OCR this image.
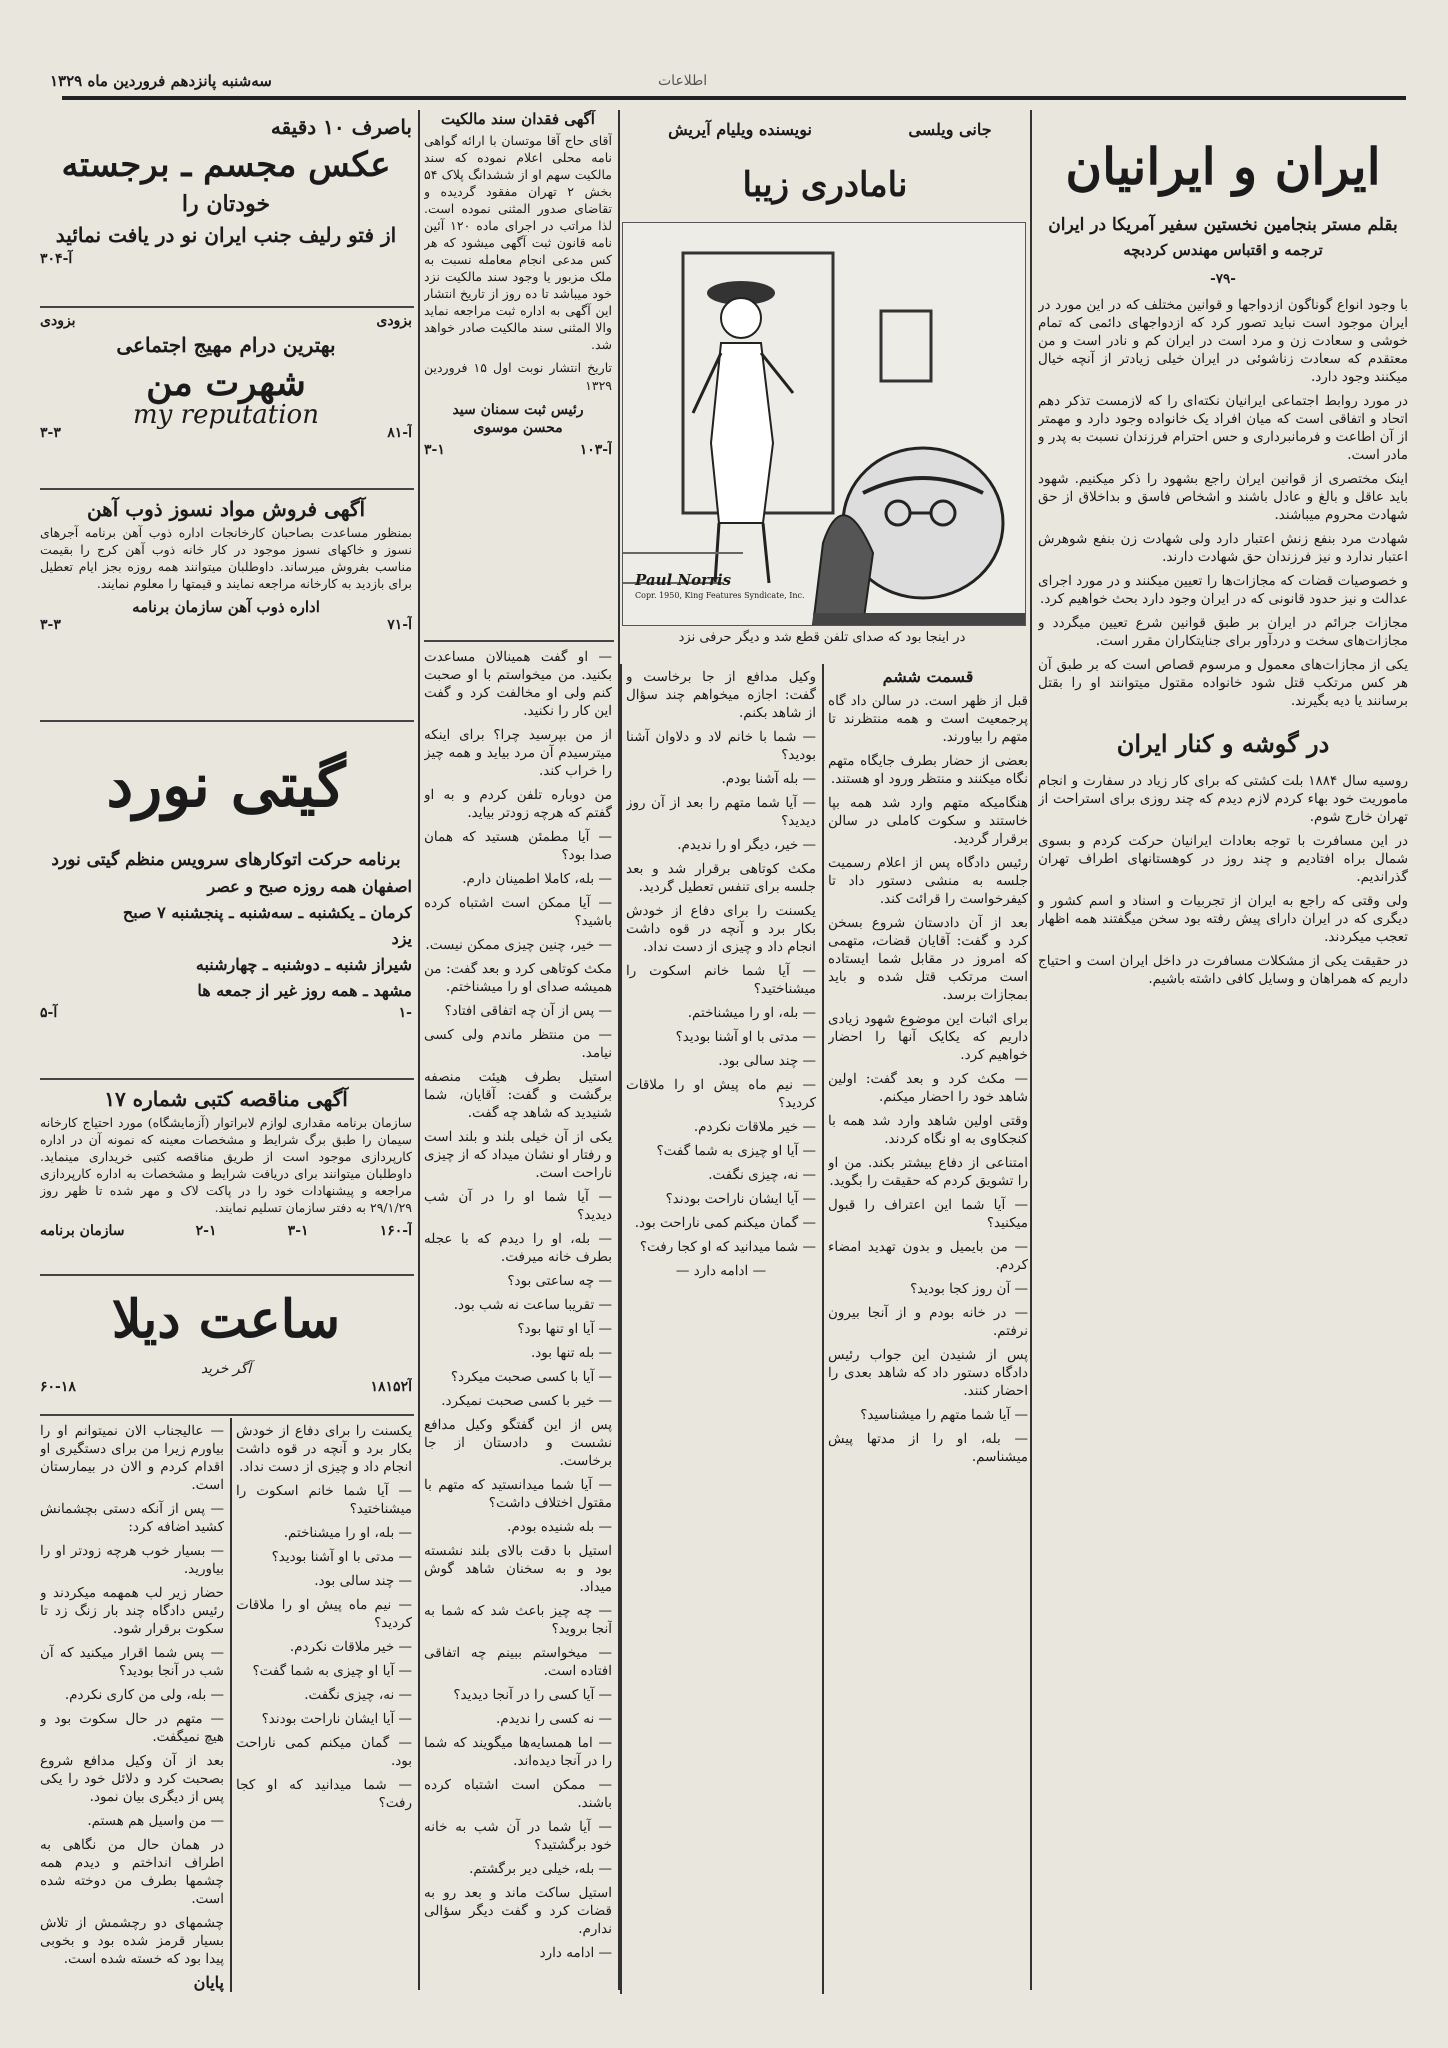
اطلاعات
سه‌شنبه پانزدهم فروردین ماه ۱۳۲۹
ایران و ایرانیان
بقلم مستر بنجامین نخستین سفیر آمریکا در ایران
ترجمه و اقتباس مهندس کردبچه
-۷۹-

با وجود انواع گوناگون ازدواجها و قوانین مختلف که در این مورد در ایران موجود است نباید تصور کرد که ازدواجهای دائمی که تمام خوشی و سعادت زن و مرد است در ایران کم و نادر است و من معتقدم که سعادت زناشوئی در ایران خیلی زیادتر از آنچه خیال میکنند وجود دارد.

در مورد روابط اجتماعی ایرانیان نکته‌ای را که لازمست تذکر دهم اتحاد و اتفاقی است که میان افراد یک خانواده وجود دارد و مهمتر از آن اطاعت و فرمانبرداری و حس احترام فرزندان نسبت به پدر و مادر است.

اینک مختصری از قوانین ایران راجع بشهود را ذکر میکنیم. شهود باید عاقل و بالغ و عادل باشند و اشخاص فاسق و بداخلاق از حق شهادت محروم میباشند.

شهادت مرد بنفع زنش اعتبار دارد ولی شهادت زن بنفع شوهرش اعتبار ندارد و نیز فرزندان حق شهادت دارند.

و خصوصیات قضات که مجازات‌ها را تعیین میکنند و در مورد اجرای عدالت و نیز حدود قانونی که در ایران وجود دارد بحث خواهیم کرد.

مجازات جرائم در ایران بر طبق قوانین شرع تعیین میگردد و مجازات‌های سخت و دردآور برای جنایتکاران مقرر است.

یکی از مجازات‌های معمول و مرسوم قصاص است که بر طبق آن هر کس مرتکب قتل شود خانواده مقتول میتوانند او را بقتل برسانند یا دیه بگیرند.

در گوشه و کنار ایران

روسیه سال ۱۸۸۴ بلت کشتی که برای کار زیاد در سفارت و انجام ماموریت خود بهاء کردم لازم دیدم که چند روزی برای استراحت از تهران خارج شوم.

در این مسافرت با توجه بعادات ایرانیان حرکت کردم و بسوی شمال براه افتادیم و چند روز در کوهستانهای اطراف تهران گذراندیم.

ولی وقتی که راجع به ایران از تجربیات و اسناد و اسم کشور و دیگری که در ایران دارای پیش رفته بود سخن میگفتند همه اظهار تعجب میکردند.

در حقیقت یکی از مشکلات مسافرت در داخل ایران است و احتیاج داریم که همراهان و وسایل کافی داشته باشیم.

جانی ویلسی
نویسنده ویلیام آیریش
نامادری زیبا
Paul Norris
Copr. 1950, King Features Syndicate, Inc.
در اینجا بود که صدای تلفن قطع شد و دیگر حرفی نزد
قسمت ششم

قبل از ظهر است. در سالن داد گاه پرجمعیت است و همه منتظرند تا متهم را بیاورند.

بعضی از حضار بطرف جایگاه متهم نگاه میکنند و منتظر ورود او هستند.

هنگامیکه متهم وارد شد همه بپا خاستند و سکوت کاملی در سالن برقرار گردید.

رئیس دادگاه پس از اعلام رسمیت جلسه به منشی دستور داد تا کیفرخواست را قرائت کند.

بعد از آن دادستان شروع بسخن کرد و گفت: آقایان قضات، متهمی که امروز در مقابل شما ایستاده است مرتکب قتل شده و باید بمجازات برسد.

برای اثبات این موضوع شهود زیادی داریم که یکایک آنها را احضار خواهیم کرد.

— مکث کرد و بعد گفت: اولین شاهد خود را احضار میکنم.

وقتی اولین شاهد وارد شد همه با کنجکاوی به او نگاه کردند.

امتناعی از دفاع بیشتر بکند. من او را تشویق کردم که حقیقت را بگوید.

— آیا شما این اعتراف را قبول میکنید؟

— من بایمیل و بدون تهدید امضاء کردم.

— آن روز کجا بودید؟

— در خانه بودم و از آنجا بیرون نرفتم.

پس از شنیدن این جواب رئیس دادگاه دستور داد که شاهد بعدی را احضار کنند.

— آیا شما متهم را میشناسید؟

— بله، او را از مدتها پیش میشناسم.

وکیل مدافع از جا برخاست و گفت: اجازه میخواهم چند سؤال از شاهد بکنم.

— شما با خانم لاد و دلاوان آشنا بودید؟

— بله آشنا بودم.

— آیا شما متهم را بعد از آن روز دیدید؟

— خیر، دیگر او را ندیدم.

مکث کوتاهی برقرار شد و بعد جلسه برای تنفس تعطیل گردید.

یکسنت را برای دفاع از خودش بکار برد و آنچه در قوه داشت انجام داد و چیزی از دست نداد.

— آیا شما خانم اسکوت را میشناختید؟

— بله، او را میشناختم.

— مدتی با او آشنا بودید؟

— چند سالی بود.

— نیم ماه پیش او را ملاقات کردید؟

— خیر ملاقات نکردم.

— آیا او چیزی به شما گفت؟

— نه، چیزی نگفت.

— آیا ایشان ناراحت بودند؟

— گمان میکنم کمی ناراحت بود.

— شما میدانید که او کجا رفت؟

— ادامه دارد —

آگهی فقدان سند مالکیت

آقای حاج آقا موتسان با ارائه گواهی نامه محلی اعلام نموده که سند مالکیت سهم او از ششدانگ پلاک ۵۴ بخش ۲ تهران مفقود گردیده و تقاضای صدور المثنی نموده است. لذا مراتب در اجرای ماده ۱۲۰ آئین نامه قانون ثبت آگهی میشود که هر کس مدعی انجام معامله نسبت به ملک مزبور یا وجود سند مالکیت نزد خود میباشد تا ده روز از تاریخ انتشار این آگهی به اداره ثبت مراجعه نماید والا المثنی سند مالکیت صادر خواهد شد.

تاریخ انتشار نوبت اول ۱۵ فروردین ۱۳۲۹

رئیس ثبت سمنان سید
محسن موسوی
۳-۱	آ-۱۰۳

— او گفت همینالان مساعدت بکنید. من میخواستم با او صحبت کنم ولی او مخالفت کرد و گفت این کار را نکنید.

از من بپرسید چرا؟ برای اینکه میترسیدم آن مرد بیاید و همه چیز را خراب کند.

من دوباره تلفن کردم و به او گفتم که هرچه زودتر بیاید.

— آیا مطمئن هستید که همان صدا بود؟

— بله، کاملا اطمینان دارم.

— آیا ممکن است اشتباه کرده باشید؟

— خیر، چنین چیزی ممکن نیست.

مکث کوتاهی کرد و بعد گفت: من همیشه صدای او را میشناختم.

— پس از آن چه اتفاقی افتاد؟

— من منتظر ماندم ولی کسی نیامد.

استیل بطرف هیئت منصفه برگشت و گفت: آقایان، شما شنیدید که شاهد چه گفت.

یکی از آن خیلی بلند و بلند است و رفتار او نشان میداد که از چیزی ناراحت است.

— آیا شما او را در آن شب دیدید؟

— بله، او را دیدم که با عجله بطرف خانه میرفت.

— چه ساعتی بود؟

— تقریبا ساعت نه شب بود.

— آیا او تنها بود؟

— بله تنها بود.

— آیا با کسی صحبت میکرد؟

— خیر با کسی صحبت نمیکرد.

پس از این گفتگو وکیل مدافع نشست و دادستان از جا برخاست.

— آیا شما میدانستید که متهم با مقتول اختلاف داشت؟

— بله شنیده بودم.

استیل با دقت بالای بلند نشسته بود و به سخنان شاهد گوش میداد.

— چه چیز باعث شد که شما به آنجا بروید؟

— میخواستم ببینم چه اتفاقی افتاده است.

— آیا کسی را در آنجا دیدید؟

— نه کسی را ندیدم.

— اما همسایه‌ها میگویند که شما را در آنجا دیده‌اند.

— ممکن است اشتباه کرده باشند.

— آیا شما در آن شب به خانه خود برگشتید؟

— بله، خیلی دیر برگشتم.

استیل ساکت ماند و بعد رو به قضات کرد و گفت دیگر سؤالی ندارم.

— ادامه دارد

باصرف ۱۰ دقیقه
عکس مجسم ـ برجسته
خودتان را
از فتو رلیف جنب ایران نو در یافت نمائید
آ-۳۰۴
بزودی
بزودی
بهترین درام مهیج اجتماعی
شهرت من
my reputation
۳-۳	آ-۸۱
آگهی فروش مواد نسوز ذوب آهن

بمنظور مساعدت بصاحبان کارخانجات اداره ذوب آهن برنامه آجرهای نسوز و خاکهای نسوز موجود در کار خانه ذوب آهن کرج را بقیمت مناسب بفروش میرساند. داوطلبان میتوانند همه روزه بجز ایام تعطیل برای بازدید به کارخانه مراجعه نمایند و قیمتها را معلوم نمایند.

اداره ذوب آهن سازمان برنامه
۳-۳	آ-۷۱
گیتی نورد
برنامه حرکت اتوکارهای سرویس منظم گیتی نورد
اصفهان همه روزه صبح و عصر
کرمان ـ یکشنبه ـ سه‌شنبه ـ پنجشنبه ۷ صبح
یزد
شیراز شنبه ـ دوشنبه ـ چهارشنبه
مشهد ـ همه روز غیر از جمعه ها
آ-۵	۱-
آگهی مناقصه کتبی شماره ۱۷

سازمان برنامه مقداری لوازم لابراتوار (آزمایشگاه) مورد احتیاج کارخانه سیمان را طبق برگ شرایط و مشخصات معینه که نمونه آن در اداره کارپردازی موجود است از طریق مناقصه کتبی خریداری مینماید. داوطلبان میتوانند برای دریافت شرایط و مشخصات به اداره کارپردازی مراجعه و پیشنهادات خود را در پاکت لاک و مهر شده تا ظهر روز ۲۹/۱/۲۹ به دفتر سازمان تسلیم نمایند.

سازمان برنامه	۲-۱	۳-۱	آ-۱۶۰
ساعت دیلا
آگر خرید
۶۰-۱۸	۱۸۱۵۲آ

— عالیجناب الان نمیتوانم او را بیاورم زیرا من برای دستگیری او اقدام کردم و الان در بیمارستان است.

— پس از آنکه دستی بچشمانش کشید اضافه کرد:

— بسیار خوب هرچه زودتر او را بیاورید.

حضار زیر لب همهمه میکردند و رئیس دادگاه چند بار زنگ زد تا سکوت برقرار شود.

— پس شما اقرار میکنید که آن شب در آنجا بودید؟

— بله، ولی من کاری نکردم.

— متهم در حال سکوت بود و هیچ نمیگفت.

بعد از آن وکیل مدافع شروع بصحبت کرد و دلائل خود را یکی پس از دیگری بیان نمود.

— من واسیل هم هستم.

در همان حال من نگاهی به اطراف انداختم و دیدم همه چشمها بطرف من دوخته شده است.

چشمهای دو رچشمش از تلاش بسیار قرمز شده بود و بخوبی پیدا بود که خسته شده است.

پایان

یکسنت را برای دفاع از خودش بکار برد و آنچه در قوه داشت انجام داد و چیزی از دست نداد.

— آیا شما خانم اسکوت را میشناختید؟

— بله، او را میشناختم.

— مدتی با او آشنا بودید؟

— چند سالی بود.

— نیم ماه پیش او را ملاقات کردید؟

— خیر ملاقات نکردم.

— آیا او چیزی به شما گفت؟

— نه، چیزی نگفت.

— آیا ایشان ناراحت بودند؟

— گمان میکنم کمی ناراحت بود.

— شما میدانید که او کجا رفت؟
